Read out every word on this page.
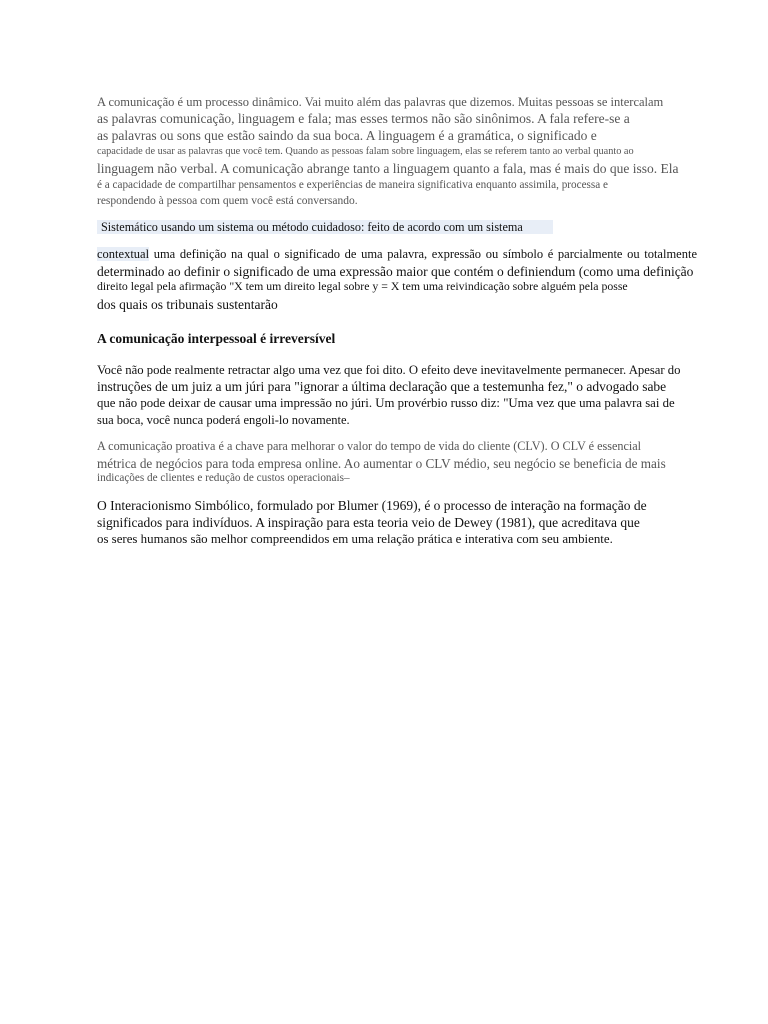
A comunicação é um processo dinâmico. Vai muito além das palavras que dizemos. Muitas pessoas se intercalam
as palavras comunicação, linguagem e fala; mas esses termos não são sinônimos. A fala refere-se a
as palavras ou sons que estão saindo da sua boca. A linguagem é a gramática, o significado e
capacidade de usar as palavras que você tem. Quando as pessoas falam sobre linguagem, elas se referem tanto ao verbal quanto ao
linguagem não verbal. A comunicação abrange tanto a linguagem quanto a fala, mas é mais do que isso. Ela
é a capacidade de compartilhar pensamentos e experiências de maneira significativa enquanto assimila, processa e
respondendo à pessoa com quem você está conversando.
Sistemático usando um sistema ou método cuidadoso: feito de acordo com um sistema
contextual uma definição na qual o significado de uma palavra, expressão ou símbolo é parcialmente ou totalmente
determinado ao definir o significado de uma expressão maior que contém o definiendum (como uma definição
direito legal pela afirmação "X tem um direito legal sobre y = X tem uma reivindicação sobre alguém pela posse
dos quais os tribunais sustentarão
A comunicação interpessoal é irreversível
Você não pode realmente retractar algo uma vez que foi dito. O efeito deve inevitavelmente permanecer. Apesar do
instruções de um juiz a um júri para "ignorar a última declaração que a testemunha fez," o advogado sabe
que não pode deixar de causar uma impressão no júri. Um provérbio russo diz: "Uma vez que uma palavra sai de
sua boca, você nunca poderá engoli-lo novamente.
A comunicação proativa é a chave para melhorar o valor do tempo de vida do cliente (CLV). O CLV é essencial
métrica de negócios para toda empresa online. Ao aumentar o CLV médio, seu negócio se beneficia de mais
indicações de clientes e redução de custos operacionais–
O Interacionismo Simbólico, formulado por Blumer (1969), é o processo de interação na formação de
significados para indivíduos. A inspiração para esta teoria veio de Dewey (1981), que acreditava que
os seres humanos são melhor compreendidos em uma relação prática e interativa com seu ambiente.
